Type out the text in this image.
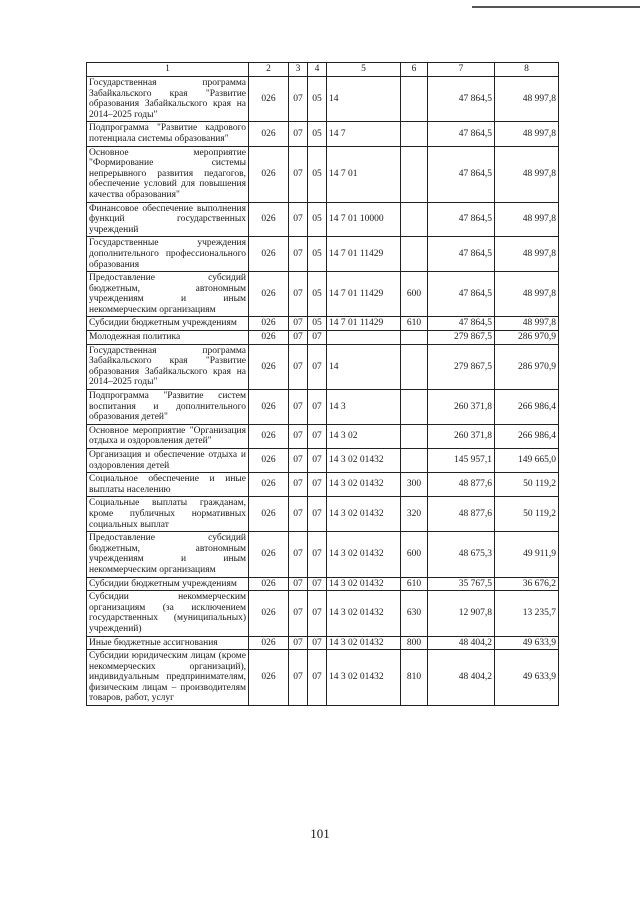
1	2	3	4	5	6	7	8
Государственная программа Забайкальского края "Развитие образования Забайкальского края на 2014–2025 годы"	026	07	05	14		47 864,5	48 997,8
Подпрограмма "Развитие кадрового потенциала системы образования"	026	07	05	14 7		47 864,5	48 997,8
Основное мероприятие "Формирование системы непрерывного развития педагогов, обеспечение условий для повышения качества образования"	026	07	05	14 7 01		47 864,5	48 997,8
Финансовое обеспечение выполнения функций государственных учреждений	026	07	05	14 7 01 10000		47 864,5	48 997,8
Государственные учреждения дополнительного профессионального образования	026	07	05	14 7 01 11429		47 864,5	48 997,8
Предоставление субсидий бюджетным, автономным учреждениям и иным некоммерческим организациям	026	07	05	14 7 01 11429	600	47 864,5	48 997,8
Субсидии бюджетным учреждениям	026	07	05	14 7 01 11429	610	47 864,5	48 997,8
Молодежная политика	026	07	07			279 867,5	286 970,9
Государственная программа Забайкальского края "Развитие образования Забайкальского края на 2014–2025 годы"	026	07	07	14		279 867,5	286 970,9
Подпрограмма "Развитие систем воспитания и дополнительного образования детей"	026	07	07	14 3		260 371,8	266 986,4
Основное мероприятие "Организация отдыха и оздоровления детей"	026	07	07	14 3 02		260 371,8	266 986,4
Организация и обеспечение отдыха и оздоровления детей	026	07	07	14 3 02 01432		145 957,1	149 665,0
Социальное обеспечение и иные выплаты населению	026	07	07	14 3 02 01432	300	48 877,6	50 119,2
Социальные выплаты гражданам, кроме публичных нормативных социальных выплат	026	07	07	14 3 02 01432	320	48 877,6	50 119,2
Предоставление субсидий бюджетным, автономным учреждениям и иным некоммерческим организациям	026	07	07	14 3 02 01432	600	48 675,3	49 911,9
Субсидии бюджетным учреждениям	026	07	07	14 3 02 01432	610	35 767,5	36 676,2
Субсидии некоммерческим организациям (за исключением государственных (муниципальных) учреждений)	026	07	07	14 3 02 01432	630	12 907,8	13 235,7
Иные бюджетные ассигнования	026	07	07	14 3 02 01432	800	48 404,2	49 633,9
Субсидии юридическим лицам (кроме некоммерческих организаций), индивидуальным предпринимателям, физическим лицам – производителям товаров, работ, услуг	026	07	07	14 3 02 01432	810	48 404,2	49 633,9
101
